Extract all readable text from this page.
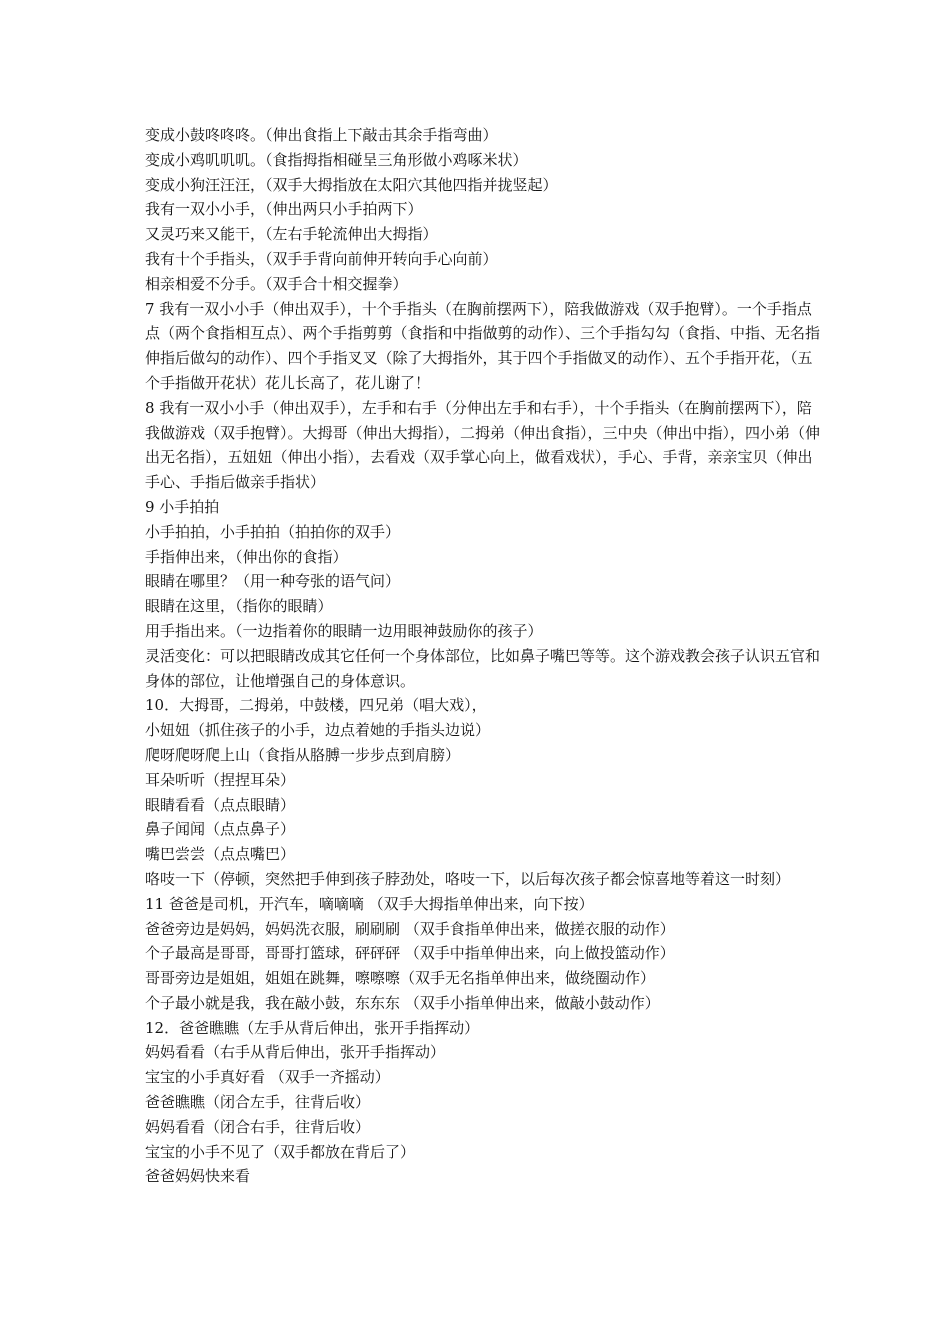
变成小鼓咚咚咚。（伸出食指上下敲击其余手指弯曲）
变成小鸡叽叽叽。（食指拇指相碰呈三角形做小鸡啄米状）
变成小狗汪汪汪，（双手大拇指放在太阳穴其他四指并拢竖起）
我有一双小小手，（伸出两只小手拍两下）
又灵巧来又能干，（左右手轮流伸出大拇指）
我有十个手指头，（双手手背向前伸开转向手心向前）
相亲相爱不分手。（双手合十相交握拳）
7 我有一双小小手（伸出双手），十个手指头（在胸前摆两下），陪我做游戏（双手抱臂）。一个手指点点（两个食指相互点）、两个手指剪剪（食指和中指做剪的动作）、三个手指勾勾（食指、中指、无名指伸指后做勾的动作）、四个手指叉叉（除了大拇指外，其于四个手指做叉的动作）、五个手指开花，（五个手指做开花状）花儿长高了，花儿谢了！
8 我有一双小小手（伸出双手），左手和右手（分伸出左手和右手），十个手指头（在胸前摆两下），陪我做游戏（双手抱臂）。大拇哥（伸出大拇指），二拇弟（伸出食指），三中央（伸出中指），四小弟（伸出无名指），五妞妞（伸出小指），去看戏（双手掌心向上，做看戏状），手心、手背，亲亲宝贝（伸出手心、手指后做亲手指状）
9 小手拍拍
小手拍拍，小手拍拍（拍拍你的双手）
手指伸出来，（伸出你的食指）
眼睛在哪里？（用一种夸张的语气问）
眼睛在这里，（指你的眼睛）
用手指出来。（一边指着你的眼睛一边用眼神鼓励你的孩子）
灵活变化：可以把眼睛改成其它任何一个身体部位，比如鼻子嘴巴等等。这个游戏教会孩子认识五官和身体的部位，让他增强自己的身体意识。
10．大拇哥，二拇弟，中鼓楼，四兄弟（唱大戏），
小妞妞（抓住孩子的小手，边点着她的手指头边说）
爬呀爬呀爬上山（食指从胳膊一步步点到肩膀）
耳朵听听（捏捏耳朵）
眼睛看看（点点眼睛）
鼻子闻闻（点点鼻子）
嘴巴尝尝（点点嘴巴）
咯吱一下（停顿，突然把手伸到孩子脖劲处，咯吱一下，以后每次孩子都会惊喜地等着这一时刻）
11 爸爸是司机，开汽车，嘀嘀嘀 （双手大拇指单伸出来，向下按）
爸爸旁边是妈妈，妈妈洗衣服，刷刷刷 （双手食指单伸出来，做搓衣服的动作）
个子最高是哥哥，哥哥打篮球，砰砰砰 （双手中指单伸出来，向上做投篮动作）
哥哥旁边是姐姐，姐姐在跳舞，嚓嚓嚓（双手无名指单伸出来，做绕圈动作）
个子最小就是我，我在敲小鼓，东东东 （双手小指单伸出来，做敲小鼓动作）
12．爸爸瞧瞧（左手从背后伸出，张开手指挥动）
妈妈看看（右手从背后伸出，张开手指挥动）
宝宝的小手真好看 （双手一齐摇动）
爸爸瞧瞧（闭合左手，往背后收）
妈妈看看（闭合右手，往背后收）
宝宝的小手不见了（双手都放在背后了）
爸爸妈妈快来看
